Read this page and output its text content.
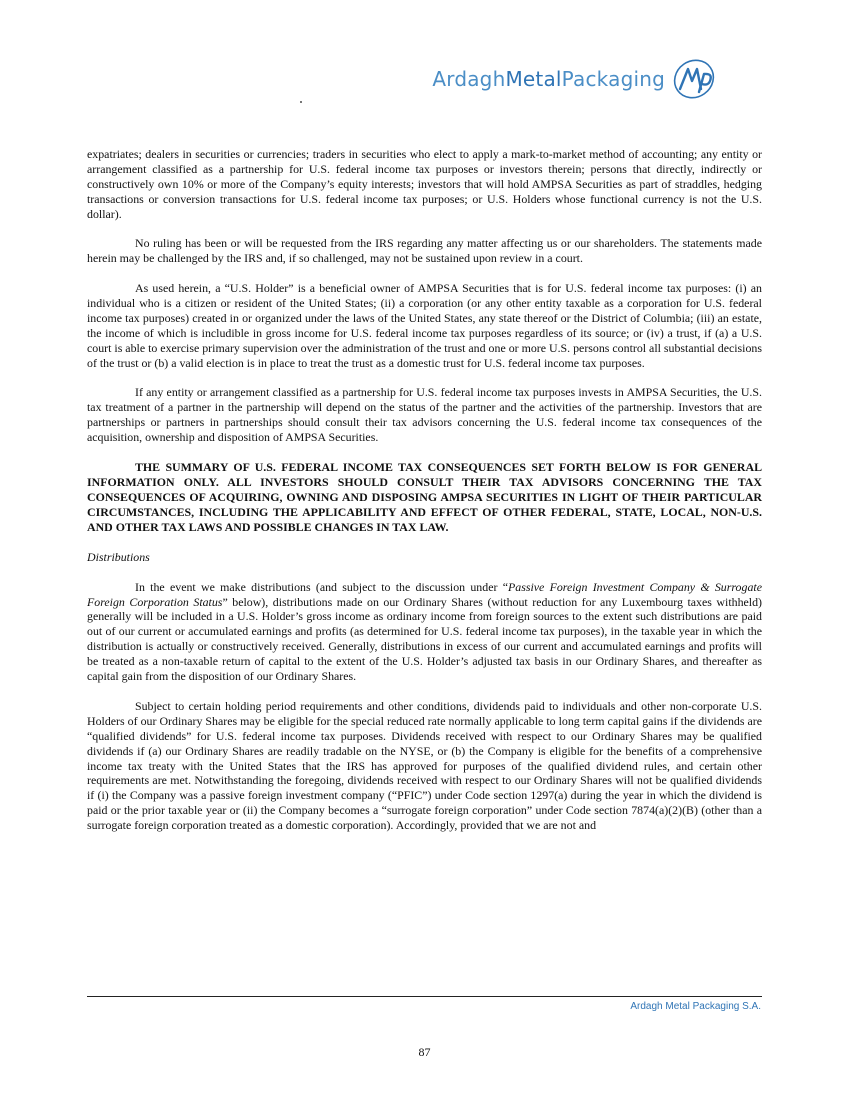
ArdaghMetalPackaging

expatriates; dealers in securities or currencies; traders in securities who elect to apply a mark-to-market method of accounting; any entity or arrangement classified as a partnership for U.S. federal income tax purposes or investors therein; persons that directly, indirectly or constructively own 10% or more of the Company’s equity interests; investors that will hold AMPSA Securities as part of straddles, hedging transactions or conversion transactions for U.S. federal income tax purposes; or U.S. Holders whose functional currency is not the U.S. dollar).

No ruling has been or will be requested from the IRS regarding any matter affecting us or our shareholders. The statements made herein may be challenged by the IRS and, if so challenged, may not be sustained upon review in a court.

As used herein, a “U.S. Holder” is a beneficial owner of AMPSA Securities that is for U.S. federal income tax purposes: (i) an individual who is a citizen or resident of the United States; (ii) a corporation (or any other entity taxable as a corporation for U.S. federal income tax purposes) created in or organized under the laws of the United States, any state thereof or the District of Columbia; (iii) an estate, the income of which is includible in gross income for U.S. federal income tax purposes regardless of its source; or (iv) a trust, if (a) a U.S. court is able to exercise primary supervision over the administration of the trust and one or more U.S. persons control all substantial decisions of the trust or (b) a valid election is in place to treat the trust as a domestic trust for U.S. federal income tax purposes.

If any entity or arrangement classified as a partnership for U.S. federal income tax purposes invests in AMPSA Securities, the U.S. tax treatment of a partner in the partnership will depend on the status of the partner and the activities of the partnership. Investors that are partnerships or partners in partnerships should consult their tax advisors concerning the U.S. federal income tax consequences of the acquisition, ownership and disposition of AMPSA Securities.

THE SUMMARY OF U.S. FEDERAL INCOME TAX CONSEQUENCES SET FORTH BELOW IS FOR GENERAL INFORMATION ONLY. ALL INVESTORS SHOULD CONSULT THEIR TAX ADVISORS CONCERNING THE TAX CONSEQUENCES OF ACQUIRING, OWNING AND DISPOSING AMPSA SECURITIES IN LIGHT OF THEIR PARTICULAR CIRCUMSTANCES, INCLUDING THE APPLICABILITY AND EFFECT OF OTHER FEDERAL, STATE, LOCAL, NON-U.S. AND OTHER TAX LAWS AND POSSIBLE CHANGES IN TAX LAW.

Distributions

In the event we make distributions (and subject to the discussion under “Passive Foreign Investment Company & Surrogate Foreign Corporation Status” below), distributions made on our Ordinary Shares (without reduction for any Luxembourg taxes withheld) generally will be included in a U.S. Holder’s gross income as ordinary income from foreign sources to the extent such distributions are paid out of our current or accumulated earnings and profits (as determined for U.S. federal income tax purposes), in the taxable year in which the distribution is actually or constructively received. Generally, distributions in excess of our current and accumulated earnings and profits will be treated as a non-taxable return of capital to the extent of the U.S. Holder’s adjusted tax basis in our Ordinary Shares, and thereafter as capital gain from the disposition of our Ordinary Shares.

Subject to certain holding period requirements and other conditions, dividends paid to individuals and other non-corporate U.S. Holders of our Ordinary Shares may be eligible for the special reduced rate normally applicable to long term capital gains if the dividends are “qualified dividends” for U.S. federal income tax purposes. Dividends received with respect to our Ordinary Shares may be qualified dividends if (a) our Ordinary Shares are readily tradable on the NYSE, or (b) the Company is eligible for the benefits of a comprehensive income tax treaty with the United States that the IRS has approved for purposes of the qualified dividend rules, and certain other requirements are met. Notwithstanding the foregoing, dividends received with respect to our Ordinary Shares will not be qualified dividends if (i) the Company was a passive foreign investment company (“PFIC”) under Code section 1297(a) during the year in which the dividend is paid or the prior taxable year or (ii) the Company becomes a “surrogate foreign corporation” under Code section 7874(a)(2)(B) (other than a surrogate foreign corporation treated as a domestic corporation). Accordingly, provided that we are not and

Ardagh Metal Packaging S.A.
87
